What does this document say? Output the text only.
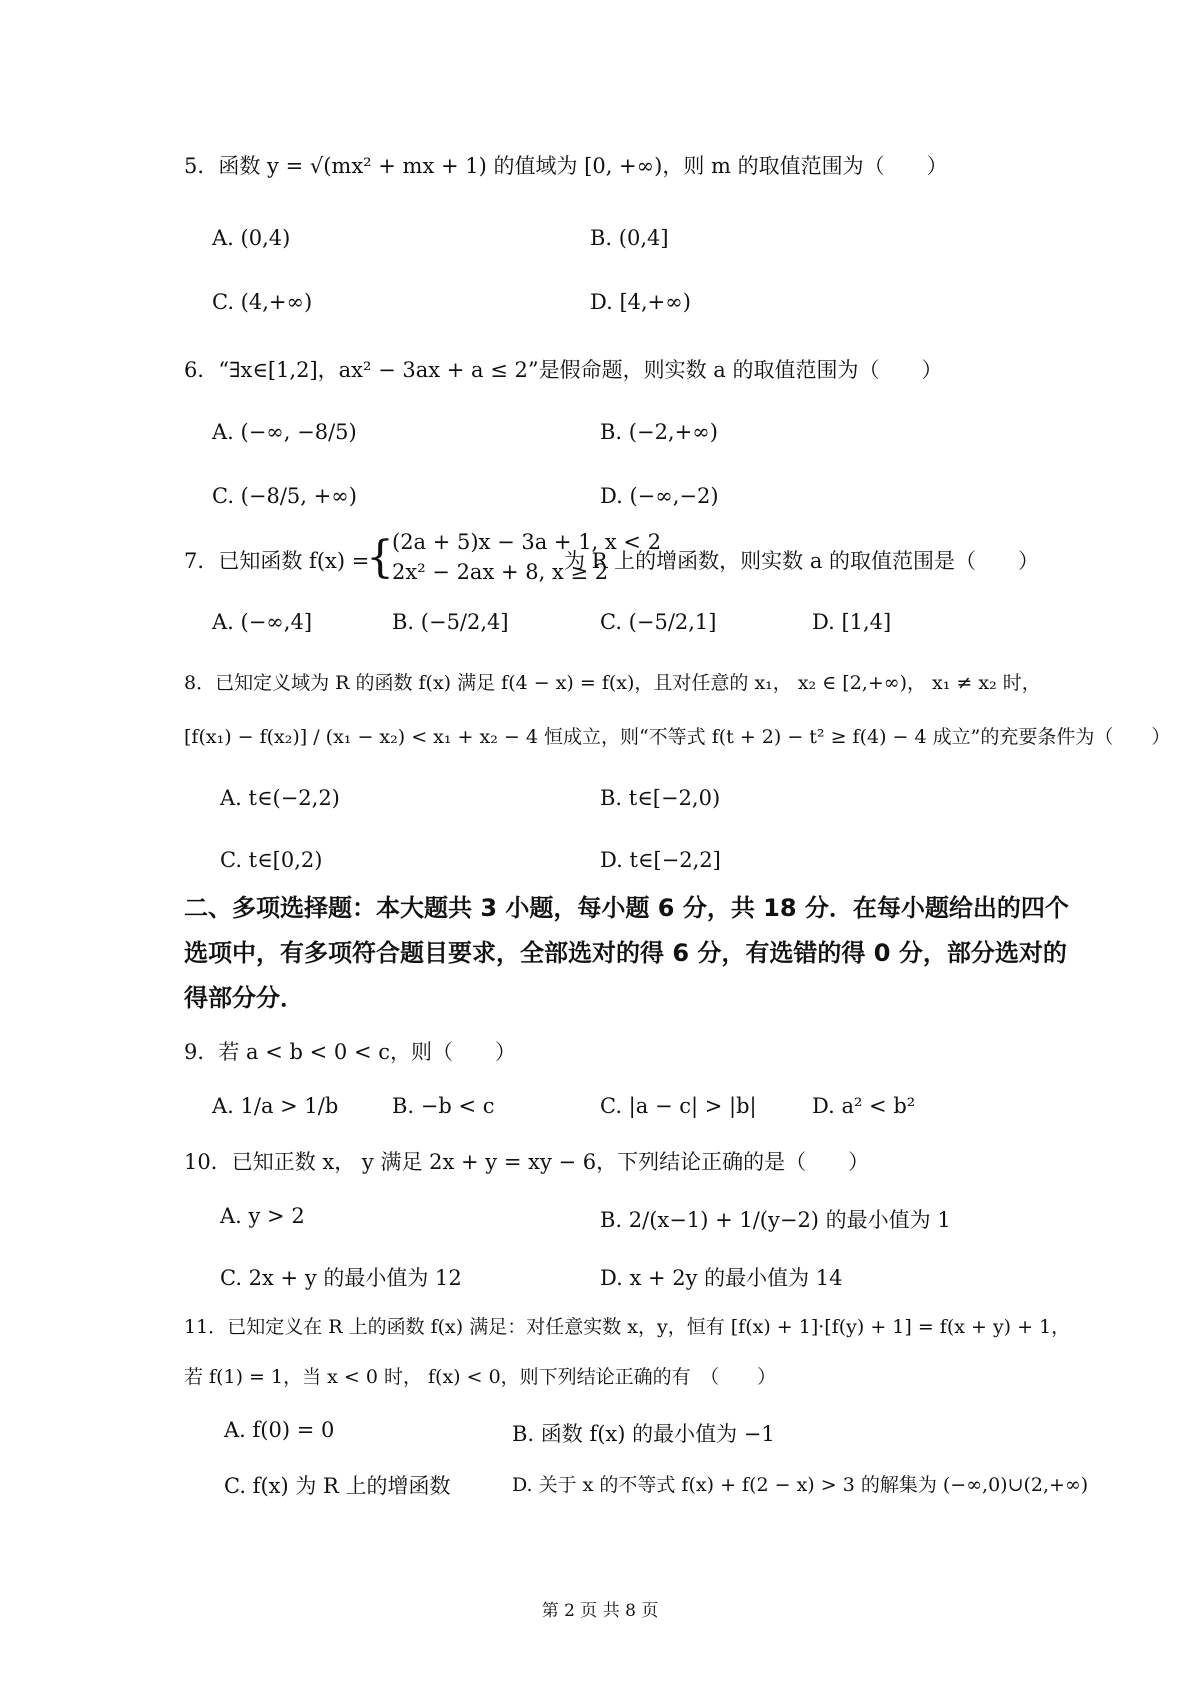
5．函数 y = √(mx² + mx + 1) 的值域为 [0, +∞)，则 m 的取值范围为（　　）
A. (0,4)	B. (0,4]
C. (4,+∞)	D. [4,+∞)
6．“∃x∈[1,2]，ax² − 3ax + a ≤ 2”是假命题，则实数 a 的取值范围为（　　）
A. (−∞, −8/5)	B. (−2,+∞)
C. (−8/5, +∞)	D. (−∞,−2)
7．已知函数 f(x) =
{
(2a + 5)x − 3a + 1, x < 2
2x² − 2ax + 8, x ≥ 2
为 R 上的增函数，则实数 a 的取值范围是（　　）
A. (−∞,4]	B. (−5/2,4]	C. (−5/2,1]	D. [1,4]
8．已知定义域为 R 的函数 f(x) 满足 f(4 − x) = f(x)，且对任意的 x₁， x₂ ∈ [2,+∞)， x₁ ≠ x₂ 时，
[f(x₁) − f(x₂)] / (x₁ − x₂) < x₁ + x₂ − 4 恒成立，则“不等式 f(t + 2) − t² ≥ f(4) − 4 成立”的充要条件为（　　）
A. t∈(−2,2)	B. t∈[−2,0)
C. t∈[0,2)	D. t∈[−2,2]
二、多项选择题：本大题共 3 小题，每小题 6 分，共 18 分．在每小题给出的四个选项中，有多项符合题目要求，全部选对的得 6 分，有选错的得 0 分，部分选对的得部分分．
9．若 a < b < 0 < c，则（　　）
A. 1/a > 1/b	B. −b < c	C. |a − c| > |b|	D. a² < b²
10．已知正数 x， y 满足 2x + y = xy − 6，下列结论正确的是（　　）
A. y > 2	B. 2/(x−1) + 1/(y−2) 的最小值为 1
C. 2x + y 的最小值为 12	D. x + 2y 的最小值为 14
11．已知定义在 R 上的函数 f(x) 满足：对任意实数 x，y，恒有 [f(x) + 1]·[f(y) + 1] = f(x + y) + 1，
若 f(1) = 1，当 x < 0 时， f(x) < 0，则下列结论正确的有　（　　）
A. f(0) = 0	B. 函数 f(x) 的最小值为 −1
C. f(x) 为 R 上的增函数	D. 关于 x 的不等式 f(x) + f(2 − x) > 3 的解集为 (−∞,0)∪(2,+∞)
第 2 页 共 8 页
